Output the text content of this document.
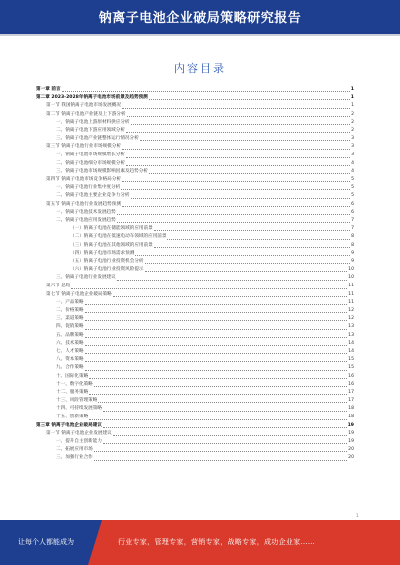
钠离子电池企业破局策略研究报告
内容目录
第一章 前言	1
第二章 2023-2028年钠离子电池市场前景及趋势预测	1
第一节 我国钠离子电池市场发展概况	1
第二节 钠离子电池产业链及上下游分析	2
一、钠离子电池上游原材料供应分析	2
二、钠离子电池下游应用领域分析	2
三、钠离子电池产业链整体运行情况分析	3
第三节 钠离子电池行业市场规模分析	3
一、钠离子电池市场规模增长分析	3
二、钠离子电池细分市场规模分析	4
三、钠离子电池市场规模影响因素及趋势分析	4
第四节 钠离子电池市场竞争格局分析	5
一、钠离子电池行业集中度分析	5
二、钠离子电池主要企业竞争力分析	5
第五节 钠离子电池行业发展趋势预测	6
一、钠离子电池技术发展趋势	6
二、钠离子电池应用发展趋势	7
（一）钠离子电池在储能领域的应用前景	7
（二）钠离子电池在低速电动车领域的应用前景	8
（三）钠离子电池在其他领域的应用前景	8
（四）钠离子电池市场需求预测	9
（五）钠离子电池行业投资机会分析	9
（六）钠离子电池行业投资风险提示	10
三、钠离子电池行业发展建议	10
第六节 总结	11
第七节 钠离子电池企业破局策略	11
一、产品策略	11
二、价格策略	12
三、渠道策略	12
四、促销策略	13
五、品牌策略	13
六、技术策略	14
七、人才策略	14
八、资本策略	15
九、合作策略	15
十、国际化策略	16
十一、数字化策略	16
十二、服务策略	17
十三、风险管理策略	17
十四、可持续发展策略	18
十五、创新策略	18
第三章 钠离子电池企业破局建议	19
第一节 钠离子电池企业发展建议	19
一、提升自主创新能力	19
二、拓展应用市场	20
三、加强行业合作	20
1
让每个人都能成为	行业专家，管理专家，营销专家，战略专家，成功企业家……
